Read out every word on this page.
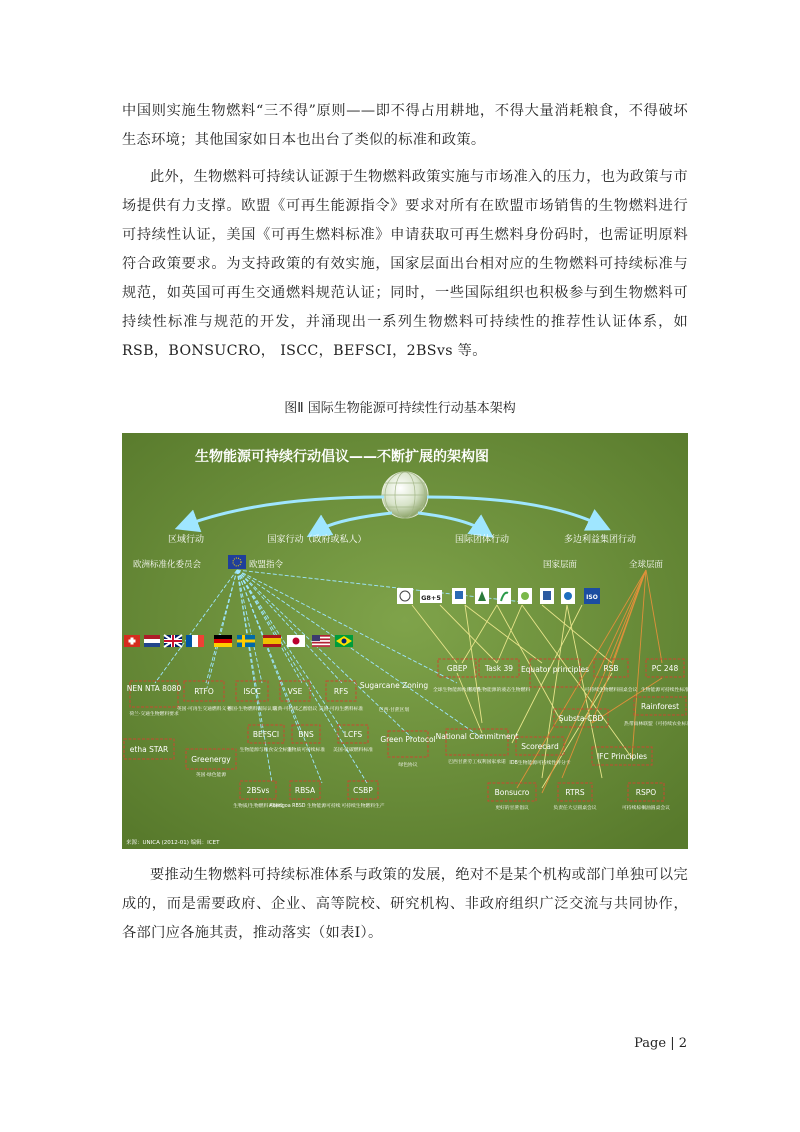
中国则实施生物燃料“三不得”原则——即不得占用耕地，不得大量消耗粮食，不得破坏生态环境；其他国家如日本也出台了类似的标准和政策。

此外，生物燃料可持续认证源于生物燃料政策实施与市场准入的压力，也为政策与市场提供有力支撑。欧盟《可再生能源指令》要求对所有在欧盟市场销售的生物燃料进行可持续性认证，美国《可再生燃料标准》申请获取可再生燃料身份码时，也需证明原料符合政策要求。为支持政策的有效实施，国家层面出台相对应的生物燃料可持续标准与规范，如英国可再生交通燃料规范认证；同时，一些国际组织也积极参与到生物燃料可持续性标准与规范的开发，并涌现出一系列生物燃料可持续性的推荐性认证体系，如 RSB，BONSUCRO， ISCC，BEFSCI，2BSvs 等。

图Ⅱ 国际生物能源可持续性行动基本架构
生物能源可持续行动倡议——不断扩展的架构图
区域行动	国家行动（政府或私人）	国际团体行动	多边利益集团行动
欧洲标准化委员会	欧盟指令	国家层面	全球层面
G8+5	ISO
NEN NTA 8080
荷兰·交通生物燃料要求
RTFO
英国·可再生交通燃料义务
ISCC
德国·生物燃料国际认证
VSE
瑞典·可持续乙醇倡议
RFS
美国·可再生燃料标准
Sugarcane Zoning
巴西·甘蔗区划
etha STAR
Greenergy
英国·绿色能源
BEFSCI
生物能源与粮食安全标准
BNS
生物质可持续标准
LCFS
美国·低碳燃料标准
Green Protocol
绿色协议
2BSvs
生物质/生物燃料可持续
RBSA
Abengoa RBSD 生物能源可持续
CSBP
可持续生物燃料生产
GBEP
全球生物能源伙伴关系
Task 39
基于生物能源的液态生物燃料
Equator principles RSB
可持续生物燃料圆桌会议
PC 248
生物能源可持续性标准
Rainforest
热带雨林联盟（可持续农业标准）
Substa-CBD
National Commitment
巴西甘蔗劳工权利国家承诺
Scorecard
IDB生物能源可持续性评分卡
IFC Principles
Bonsucro
更好的甘蔗倡议
RTRS
负责任大豆圆桌会议
RSPO
可持续棕榈油圆桌会议
来源：UNICA (2012-01) 编辑：ICET

要推动生物燃料可持续标准体系与政策的发展，绝对不是某个机构或部门单独可以完成的，而是需要政府、企业、高等院校、研究机构、非政府组织广泛交流与共同协作，各部门应各施其责，推动落实（如表Ⅰ）。

Page | 2
